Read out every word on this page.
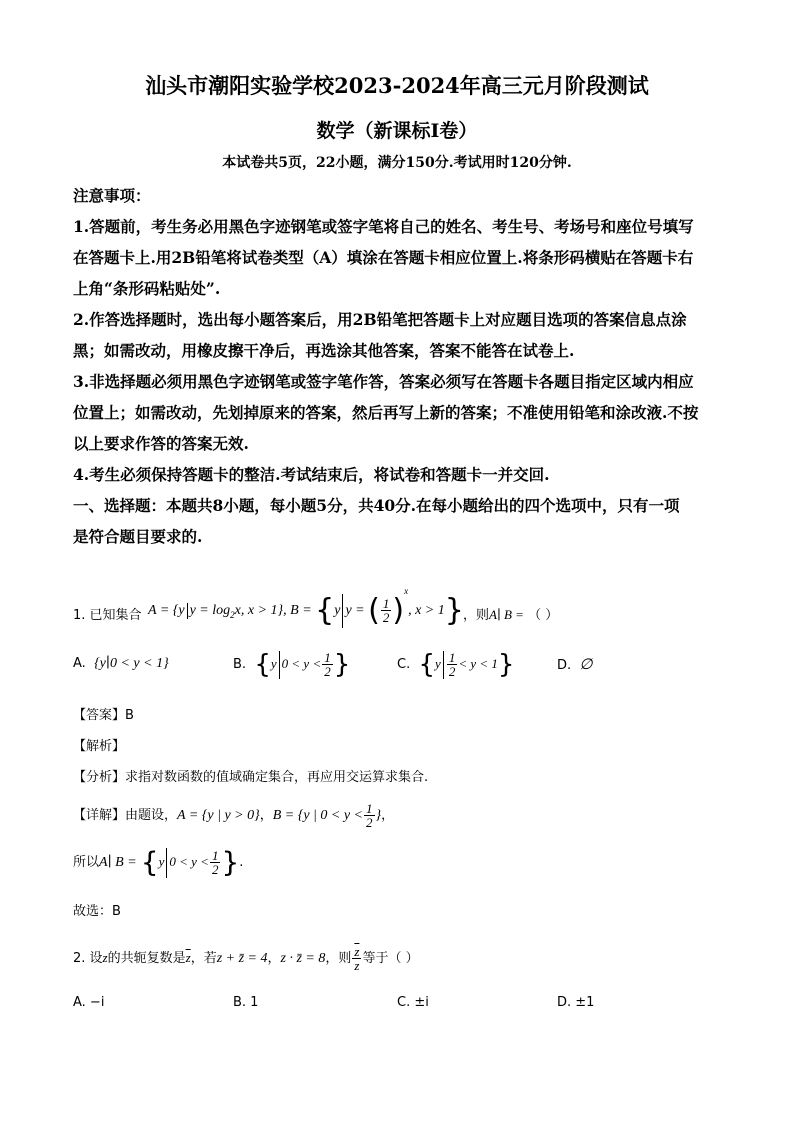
汕头市潮阳实验学校2023-2024年高三元月阶段测试
数学（新课标I卷）
本试卷共5页，22小题，满分150分.考试用时120分钟.
注意事项：
1.答题前，考生务必用黑色字迹钢笔或签字笔将自己的姓名、考生号、考场号和座位号填写
在答题卡上.用2B铅笔将试卷类型（A）填涂在答题卡相应位置上.将条形码横贴在答题卡右
上角“条形码粘贴处”.
2.作答选择题时，选出每小题答案后，用2B铅笔把答题卡上对应题目选项的答案信息点涂
黑；如需改动，用橡皮擦干净后，再选涂其他答案，答案不能答在试卷上.
3.非选择题必须用黑色字迹钢笔或签字笔作答，答案必须写在答题卡各题目指定区域内相应
位置上；如需改动，先划掉原来的答案，然后再写上新的答案；不准使用铅笔和涂改液.不按
以上要求作答的答案无效.
4.考生必须保持答题卡的整洁.考试结束后，将试卷和答题卡一并交回.
一、选择题：本题共8小题，每小题5分，共40分.在每小题给出的四个选项中，只有一项
是符合题目要求的.
1. 已知集合 A = {y $y = \log_2x$, x > 1}, B = {y y = ( $\frac{1}{2} )^x$, x > 1} ，则A∣ B = （ ）
A. {y∣0 < y < 1}	B. {y $0 < y < \frac{1}{2}$ }	C. $\{y \frac{1}{2} < y < 1\}$	D. ∅
【答案】B
【解析】
【分析】求指对数函数的值域确定集合，再应用交运算求集合.
【详解】由题设，A = {y | y > 0}，B = {y | $0 < y < \frac{1}{2}$ }，
所以A∣ B = {y $0 < y < \frac{1}{2}$ }.
故选：B
2. 设z的共轭复数是$\overline{z}$，若z + z̄ = 4，z · z̄ = 8，则 $\frac{\overline{z}}{z}$ 等于（ ）
A. −i	B. 1	C. ±i	D. ±1
